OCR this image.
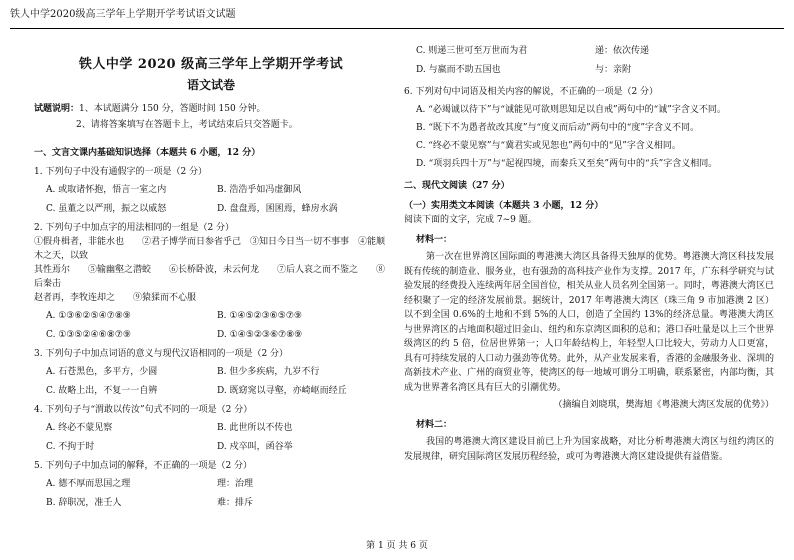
铁人中学2020级高三学年上学期开学考试语文试题
铁人中学 2020 级高三学年上学期开学考试
语文试卷
试题说明：1、本试题满分 150 分，答题时间 150 分钟。
2、请将答案填写在答题卡上，考试结束后只交答题卡。
一、文言文课内基础知识选择（本题共 6 小题，12 分）
1. 下列句子中没有通假字的一项是（2 分）
A. 或取诸怀抱，悟言一室之内	B. 浩浩乎如冯虚御风
C. 虽董之以严刑，振之以威怒	D. 盘盘焉，囷囷焉，蜂房水涡
2. 下列句子中加点字的用法相同的一组是（2 分）
①假舟楫者，非能水也　　②君子博学而日参省乎己　③知日今日当一切不事事　④能顺木之天，以致
其性焉尔　　⑤输幽壑之潜蛟　　⑥长桥卧波，未云何龙　　⑦后人哀之而不鉴之　　⑧后秦击
赵者再，李牧连却之　　⑨猿猱而不心服
A. ①③⑥②⑤④⑦⑧⑨	B. ①④⑤②③⑥⑤⑦⑨
C. ①③⑤②④⑥⑧⑦⑨	D. ①④⑤②③⑥⑦⑧⑨
3. 下列句子中加点词语的意义与现代汉语相同的一项是（2 分）
A. 石苍黑色，多平方，少圆	B. 但少多疾病，九岁不行
C. 故略上出，不复一一自辨	D. 既窈窕以寻壑，亦崎岖而经丘
4. 下列句子与“渭敢以传汝”句式不同的一项是（2 分）
A. 终必不蒙见察	B. 此世所以不传也
C. 不拘于时	D. 戍卒叫，函谷举
5. 下列句子中加点词的解释，不正确的一项是（2 分）
A. 德不厚而思国之理	理：治理
B. 辞职况，准壬人	难：排斥
C. 则递三世可至万世而为君	递：依次传递
D. 与嬴而不助五国也	与：亲附
6. 下列对句中词语及相关内容的解说，不正确的一项是（2 分）
A. “必竭诚以待下”与“诚能见可欲则思知足以自戒”两句中的“诚”字含义不同。
B. “既下不为愚者故改其度”与“度义而后动”两句中的“度”字含义不同。
C. “终必不蒙见察”与“冀君实或见恕也”两句中的“见”字含义相同。
D. “项羽兵四十万”与“起视四境，而秦兵又至矣”两句中的“兵”字含义相同。
二、现代文阅读（27 分）
（一）实用类文本阅读（本题共 3 小题，12 分）
阅读下面的文字，完成 7~9 题。
材料一：
第一次在世界湾区国际面的粤港澳大湾区具备得天独厚的优势。粤港澳大湾区科技发展既有传统的制造业、服务业，也有强劲的高科技产业作为支撑。2017 年，广东科学研究与试验发展的经费投入连续两年居全国首位，相关从业人员名列全国第一。同时，粤港澳大湾区已经积聚了一定的经济发展前景。据统计，2017 年粤港澳大湾区（珠三角 9 市加港澳 2 区）以不到全国 0.6%的土地和不到 5%的人口，创造了全国约 13%的经济总量。粤港澳大湾区与世界湾区的占地面积超过旧金山、纽约和东京湾区面积的总和；港口吞吐量是以上三个世界级湾区的约 5 倍，位居世界第一；人口年龄结构上，年轻型人口比较大，劳动力人口更富，具有可持续发展的人口动力强劲等优势。此外，从产业发展来看，香港的金融服务业、深圳的高新技术产业、广州的商贸业等，使湾区的每一地域可谓分工明确，联系紧密，内部均衡，其成为世界著名湾区具有巨大的引潮优势。
（摘编自刘晓琪，樊海旭《粤港澳大湾区发展的优势》）
材料二：
我国的粤港澳大湾区建设目前已上升为国家战略，对比分析粤港澳大湾区与纽约湾区的发展规律，研究国际湾区发展历程经验，或可为粤港澳大湾区建设提供有益借鉴。
第 1 页 共 6 页
